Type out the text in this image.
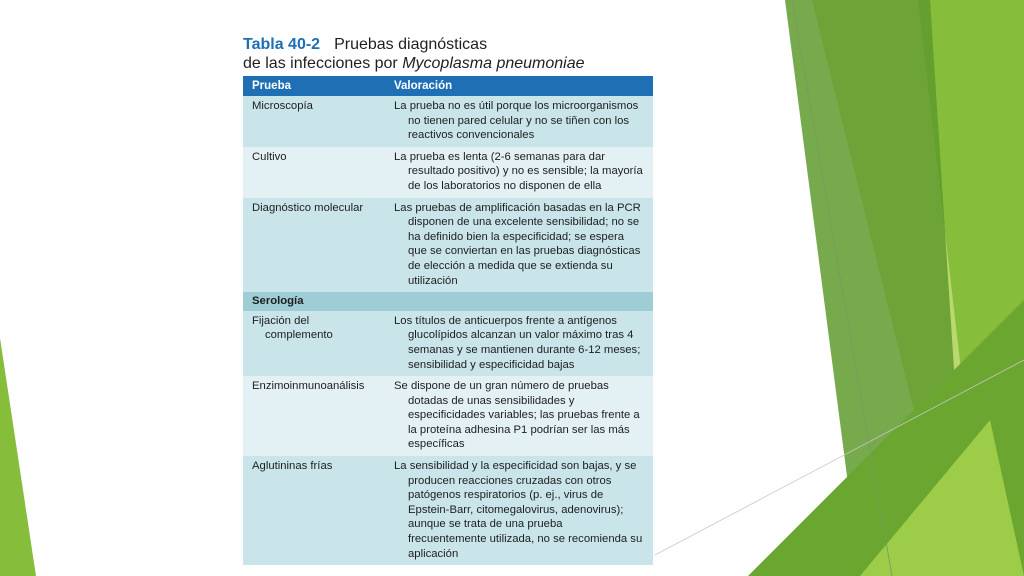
Tabla 40-2 Pruebas diagnósticas
de las infecciones por Mycoplasma pneumoniae
Prueba	Valoración

Microscopía	La prueba no es útil porque los microorganismos no tienen pared celular y no se tiñen con los reactivos convencionales

Cultivo	La prueba es lenta (2-6 semanas para dar resultado positivo) y no es sensible; la mayoría de los laboratorios no disponen de ella

Diagnóstico molecular	Las pruebas de amplificación basadas en la PCR disponen de una excelente sensibilidad; no se ha definido bien la especificidad; se espera que se conviertan en las pruebas diagnósticas de elección a medida que se extienda su utilización

Serología	

Fijación del complemento	Los títulos de anticuerpos frente a antígenos glucolípidos alcanzan un valor máximo tras 4 semanas y se mantienen durante 6-12 meses; sensibilidad y especificidad bajas

Enzimoinmunoanálisis	Se dispone de un gran número de pruebas dotadas de unas sensibilidades y especificidades variables; las pruebas frente a la proteína adhesina P1 podrían ser las más específicas

Aglutininas frías	La sensibilidad y la especificidad son bajas, y se producen reacciones cruzadas con otros patógenos respiratorios (p. ej., virus de Epstein-Barr, citomegalovirus, adenovirus); aunque se trata de una prueba frecuentemente utilizada, no se recomienda su aplicación
